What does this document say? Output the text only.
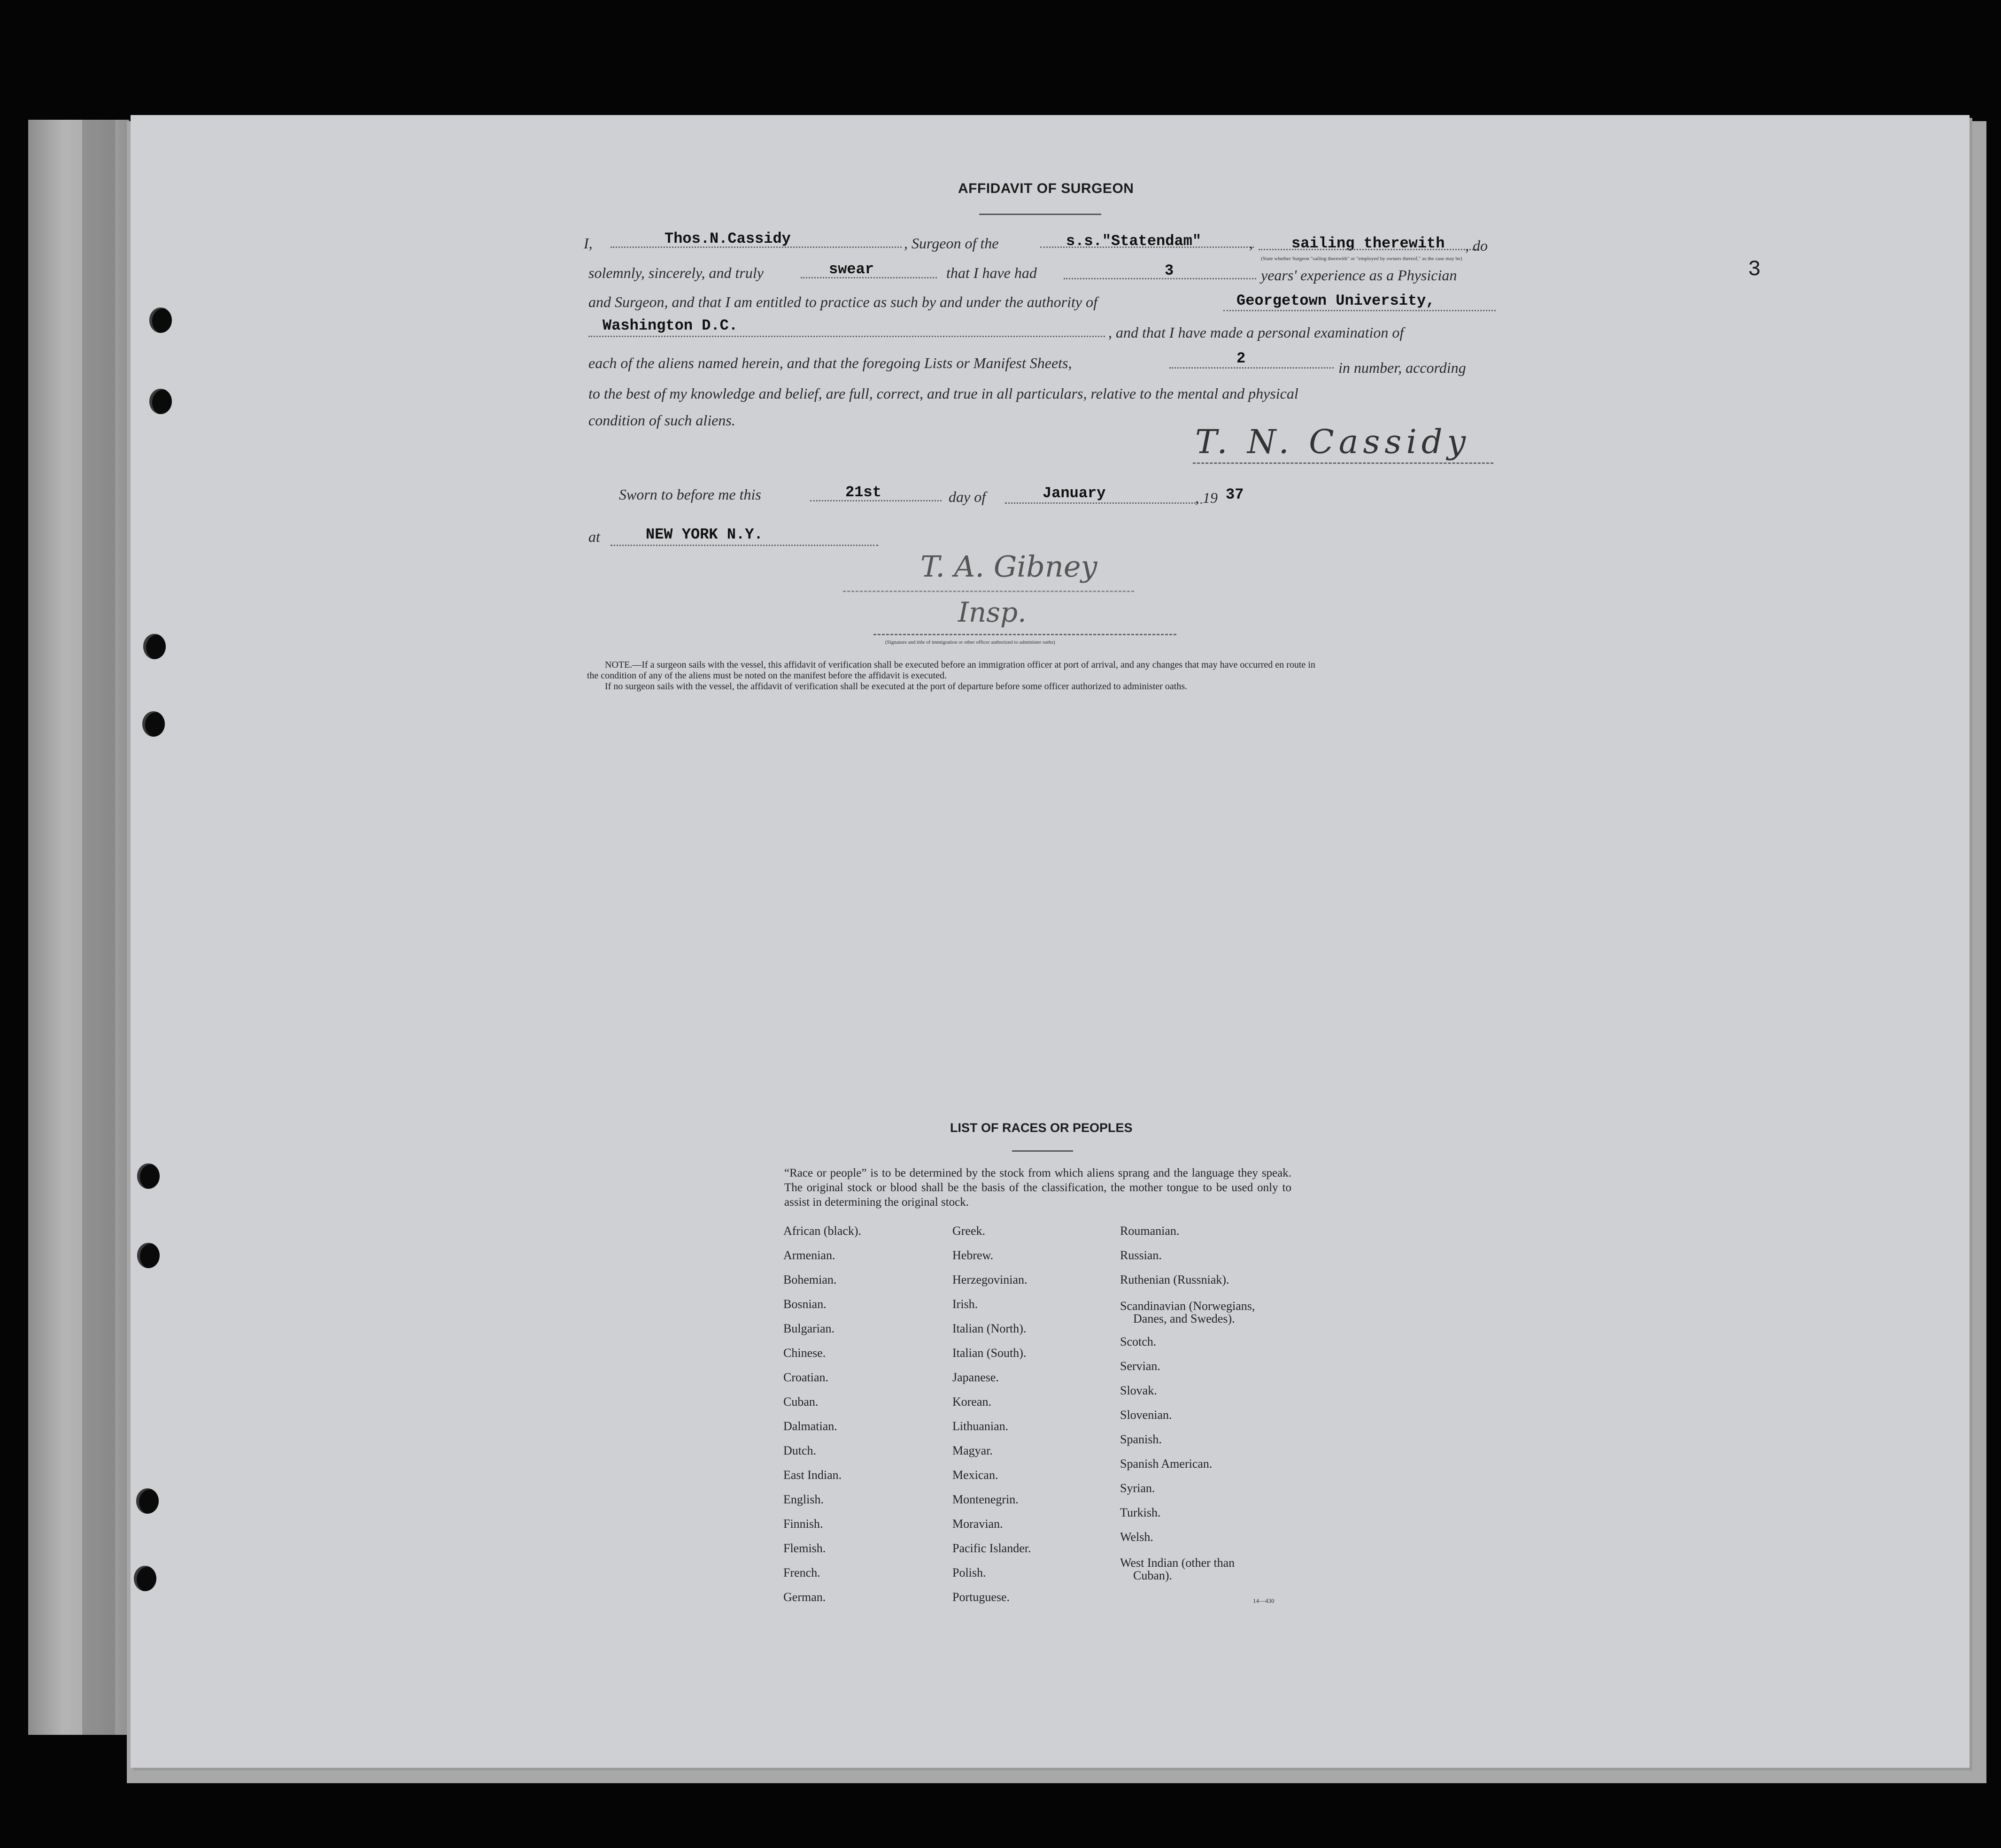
3
AFFIDAVIT OF SURGEON
I,	Thos.N.Cassidy	, Surgeon of the	s.s."Statendam"	,	sailing therewith , do
(State whether Surgeon "sailing therewith" or "employed by owners thereof," as the case may be)
solemnly, sincerely, and truly	swear	that I have had	3	years' experience as a Physician
and Surgeon, and that I am entitled to practice as such by and under the authority of	Georgetown University,
Washington D.C.	, and that I have made a personal examination of
each of the aliens named herein, and that the foregoing Lists or Manifest Sheets,	2
in number, according
to the best of my knowledge and belief, are full, correct, and true in all particulars, relative to the mental and physical
condition of such aliens.
T. N. Cassidy
Sworn to before me this	21st	day of	January	, 19 37
at	NEW YORK N.Y.
T. A. Gibney
Insp.
(Signature and title of immigration or other officer authorized to administer oaths)
NOTE.—If a surgeon sails with the vessel, this affidavit of verification shall be executed before an immigration officer at port of arrival, and any changes that may have occurred en route in
the condition of any of the aliens must be noted on the manifest before the affidavit is executed.
If no surgeon sails with the vessel, the affidavit of verification shall be executed at the port of departure before some officer authorized to administer oaths.
LIST OF RACES OR PEOPLES
“Race or people” is to be determined by the stock from which aliens sprang and the language they speak. The original stock or blood shall be the basis of the classification, the mother tongue to be used only to assist in determining the original stock.
African (black).
Armenian.
Bohemian.
Bosnian.
Bulgarian.
Chinese.
Croatian.
Cuban.
Dalmatian.
Dutch.
East Indian.
English.
Finnish.
Flemish.
French.
German.
Greek.
Hebrew.
Herzegovinian.
Irish.
Italian (North).
Italian (South).
Japanese.
Korean.
Lithuanian.
Magyar.
Mexican.
Montenegrin.
Moravian.
Pacific Islander.
Polish.
Portuguese.
Roumanian.
Russian.
Ruthenian (Russniak).
Scandinavian (Norwegians,
Danes, and Swedes).
Scotch.
Servian.
Slovak.
Slovenian.
Spanish.
Spanish American.
Syrian.
Turkish.
Welsh.
West Indian (other than
Cuban).
14—430
